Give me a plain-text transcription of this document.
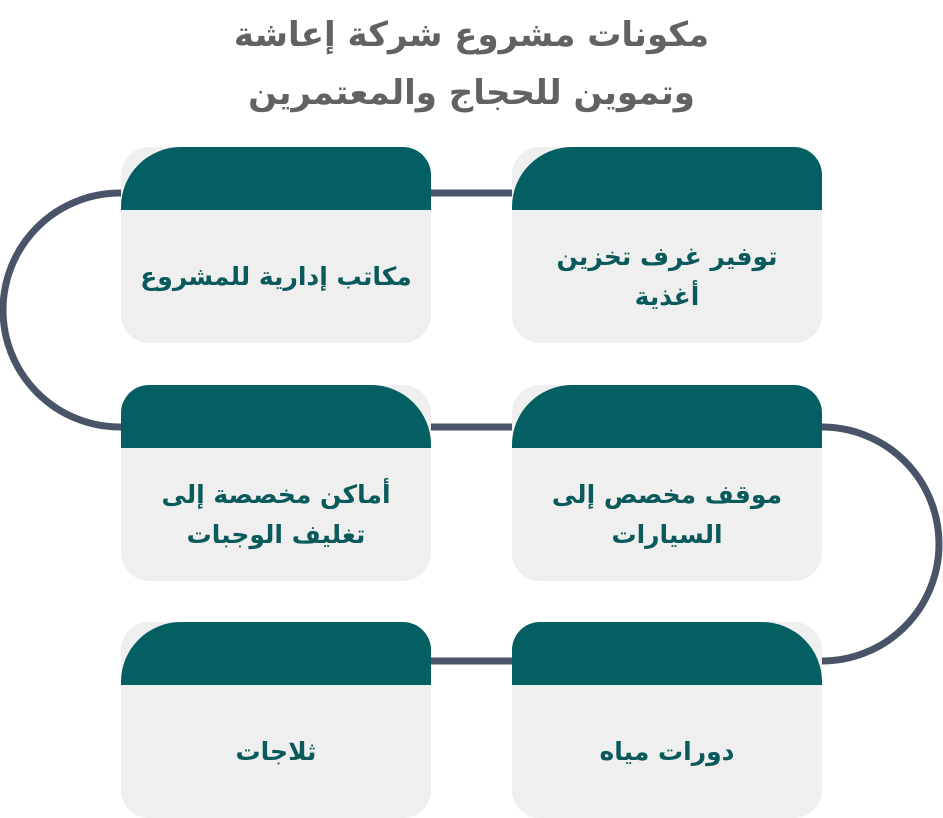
مكونات مشروع شركة إعاشة
وتموين للحجاج والمعتمرين
توفير غرف تخزين أغذية
مكاتب إدارية للمشروع
موقف مخصص إلى السيارات
أماكن مخصصة إلى تغليف الوجبات
دورات مياه
ثلاجات
